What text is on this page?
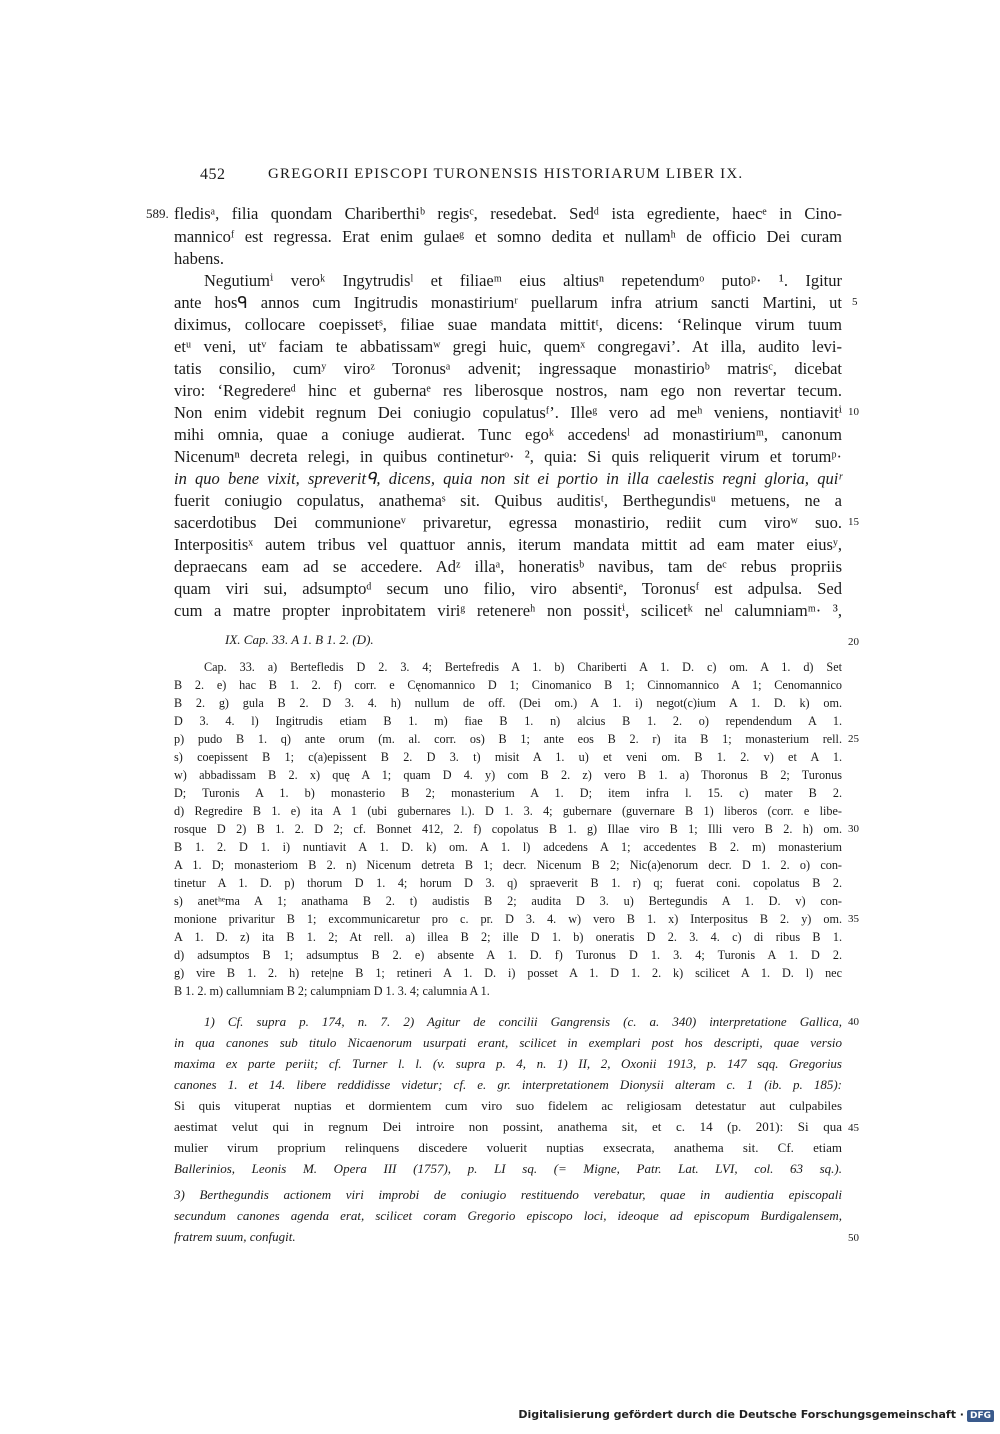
452	GREGORII EPISCOPI TURONENSIS HISTORIARUM LIBER IX.
589. fledisᵃ, filia quondam Chariberthiᵇ regisᶜ, resedebat. Sedᵈ ista egrediente, haecᵉ in Cino-
mannicoᶠ est regressa. Erat enim gulaeᵍ et somno dedita et nullamʰ de officio Dei curam
habens.
Negutiumⁱ veroᵏ Ingytrudisˡ et filiaeᵐ eius altiusⁿ repetendumᵒ putoᵖ· ¹. Igitur
ante hosᑫ annos cum Ingitrudis monastiriumʳ puellarum infra atrium sancti Martini, ut
diximus, collocare coepissetˢ, filiae suae mandata mittitᵗ, dicens: ‘Relinque virum tuum
etᵘ veni, utᵛ faciam te abbatissamʷ gregi huic, quemˣ congregavi’. At illa, audito levi-
tatis consilio, cumʸ viroᶻ Toronusᵃ advenit; ingressaque monastirioᵇ matrisᶜ, dicebat
viro: ‘Regredereᵈ hinc et gubernaᵉ res liberosque nostros, nam ego non revertar tecum.
Non enim videbit regnum Dei coniugio copulatusᶠ’. Illeᵍ vero ad meʰ veniens, nontiavitⁱ
mihi omnia, quae a coniuge audierat. Tunc egoᵏ accedensˡ ad monastiriumᵐ, canonum
Nicenumⁿ decreta relegi, in quibus contineturᵒ· ², quia: Si quis reliquerit virum et torumᵖ·
in quo bene vixit, spreveritᑫ, dicens, quia non sit ei portio in illa caelestis regni gloria, quiʳ
fuerit coniugio copulatus, anathemaˢ sit. Quibus auditisᵗ, Berthegundisᵘ metuens, ne a
sacerdotibus Dei communioneᵛ privaretur, egressa monastirio, rediit cum viroʷ suo.
Interpositisˣ autem tribus vel quattuor annis, iterum mandata mittit ad eam mater eiusʸ,
depraecans eam ad se accedere. Adᶻ illaᵃ, honeratisᵇ navibus, tam deᶜ rebus propriis
quam viri sui, adsumptoᵈ secum uno filio, viro absentiᵉ, Toronusᶠ est adpulsa. Sed
cum a matre propter inprobitatem viriᵍ retenereʰ non possitⁱ, scilicetᵏ neˡ calumniamᵐ· ³,
5
10
15
20
25
30
35
40
45
50
IX. Cap. 33. A 1. B 1. 2. (D).
Cap. 33. a) Bertefledis D 2. 3. 4; Bertefredis A 1. b) Chariberti A 1. D. c) om. A 1. d) Set
B 2. e) hac B 1. 2. f) corr. e Cęnomannico D 1; Cinomanico B 1; Cinnomannico A 1; Cenomannico
B 2. g) gula B 2. D 3. 4. h) nullum de off. (Dei om.) A 1. i) negot(c)ium A 1. D. k) om.
D 3. 4. l) Ingitrudis etiam B 1. m) fiae B 1. n) alcius B 1. 2. o) rependendum A 1.
p) pudo B 1. q) ante orum (m. al. corr. os) B 1; ante eos B 2. r) ita B 1; monasterium rell.
s) coepissent B 1; c(a)epissent B 2. D 3. t) misit A 1. u) et veni om. B 1. 2. v) et A 1.
w) abbadissam B 2. x) quę A 1; quam D 4. y) com B 2. z) vero B 1. a) Thoronus B 2; Turonus
D; Turonis A 1. b) monasterio B 2; monasterium A 1. D; item infra l. 15. c) mater B 2.
d) Regredire B 1. e) ita A 1 (ubi gubernares l.). D 1. 3. 4; gubernare (guvernare B 1) liberos (corr. e libe-
rosque D 2) B 1. 2. D 2; cf. Bonnet 412, 2. f) copolatus B 1. g) Illae viro B 1; Illi vero B 2. h) om.
B 1. 2. D 1. i) nuntiavit A 1. D. k) om. A 1. l) adcedens A 1; accedentes B 2. m) monasterium
A 1. D; monasteriom B 2. n) Nicenum detreta B 1; decr. Nicenum B 2; Nic(a)enorum decr. D 1. 2. o) con-
tinetur A 1. D. p) thorum D 1. 4; horum D 3. q) spraeverit B 1. r) q; fuerat coni. copolatus B 2.
s) anetʰᵉma A 1; anathama B 2. t) audistis B 2; audita D 3. u) Bertegundis A 1. D. v) con-
monione privaritur B 1; excommunicaretur pro c. pr. D 3. 4. w) vero B 1. x) Interpositus B 2. y) om.
A 1. D. z) ita B 1. 2; At rell. a) illea B 2; ille D 1. b) oneratis D 2. 3. 4. c) di ribus B 1.
d) adsumptos B 1; adsumptus B 2. e) absente A 1. D. f) Turonus D 1. 3. 4; Turonis A 1. D 2.
g) vire B 1. 2. h) rete|ne B 1; retineri A 1. D. i) posset A 1. D 1. 2. k) scilicet A 1. D. l) nec
B 1. 2. m) callumniam B 2; calumpniam D 1. 3. 4; calumnia A 1.
1) Cf. supra p. 174, n. 7. 2) Agitur de concilii Gangrensis (c. a. 340) interpretatione Gallica,
in qua canones sub titulo Nicaenorum usurpati erant, scilicet in exemplari post hos descripti, quae versio
maxima ex parte periit; cf. Turner l. l. (v. supra p. 4, n. 1) II, 2, Oxonii 1913, p. 147 sqq. Gregorius
canones 1. et 14. libere reddidisse videtur; cf. e. gr. interpretationem Dionysii alteram c. 1 (ib. p. 185):
Si quis vituperat nuptias et dormientem cum viro suo fidelem ac religiosam detestatur aut culpabiles
aestimat velut qui in regnum Dei introire non possint, anathema sit, et c. 14 (p. 201): Si qua
mulier virum proprium relinquens discedere voluerit nuptias exsecrata, anathema sit. Cf. etiam
Ballerinios, Leonis M. Opera III (1757), p. LI sq. (= Migne, Patr. Lat. LVI, col. 63 sq.).
3) Berthegundis actionem viri improbi de coniugio restituendo verebatur, quae in audientia episcopali
secundum canones agenda erat, scilicet coram Gregorio episcopo loci, ideoque ad episcopum Burdigalensem,
fratrem suum, confugit.
Digitalisierung gefördert durch die Deutsche Forschungsgemeinschaft · DFG
